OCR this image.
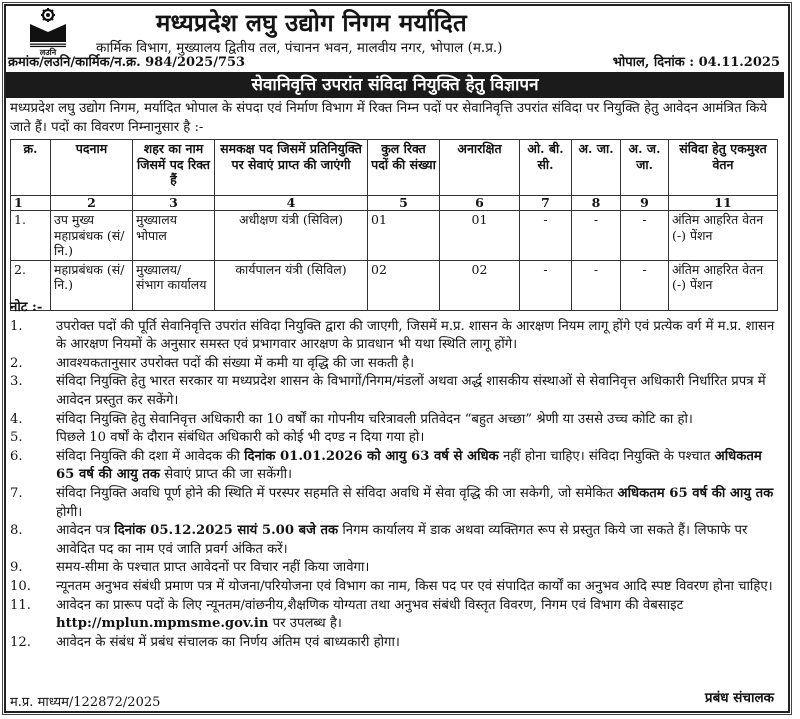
लउनि
मध्यप्रदेश लघु उद्योग निगम मर्यादित
कार्मिक विभाग, मुख्यालय द्वितीय तल, पंचानन भवन, मालवीय नगर, भोपाल (म.प्र.)
क्रमांक/लउनि/कार्मिक/न.क्र. 984/2025/753	भोपाल, दिनांक : 04.11.2025
सेवानिवृत्ति उपरांत संविदा नियुक्ति हेतु विज्ञापन
मध्यप्रदेश लघु उद्योग निगम, मर्यादित भोपाल के संपदा एवं निर्माण विभाग में रिक्त निम्न पदों पर सेवानिवृत्ति उपरांत संविदा पर नियुक्ति हेतु आवेदन आमंत्रित किये जाते हैं। पदों का विवरण निम्नानुसार है :-
क्र.	पदनाम	शहर का नाम जिसमें पद रिक्त हैं	समकक्ष पद जिसमें प्रतिनियुक्ति पर सेवाएं प्राप्त की जाएंगी	कुल रिक्त पदों की संख्या	अनारक्षित	ओ. बी. सी.	अ. जा.	अ. ज. जा.	संविदा हेतु एकमुश्त वेतन
1	2	3	4	5	6	7	8	9	11
1.	उप मुख्य महाप्रबंधक (सं/नि.)	मुख्यालय भोपाल	अधीक्षण यंत्री (सिविल)	01	01	-	-	-	अंतिम आहरित वेतन (-) पेंशन
2.	महाप्रबंधक (सं/नि.)	मुख्यालय/ संभाग कार्यालय	कार्यपालन यंत्री (सिविल)	02	02	-	-	-	अंतिम आहरित वेतन (-) पेंशन
नोट :-
1.	उपरोक्त पदों की पूर्ति सेवानिवृत्ति उपरांत संविदा नियुक्ति द्वारा की जाएगी, जिसमें म.प्र. शासन के आरक्षण नियम लागू होंगे एवं प्रत्येक वर्ग में म.प्र. शासन के आरक्षण नियमों के अनुसार समस्त एवं प्रभागवार आरक्षण के प्रावधान भी यथा स्थिति लागू होंगे।
2.	आवश्यकतानुसार उपरोक्त पदों की संख्या में कमी या वृद्धि की जा सकती है।
3.	संविदा नियुक्ति हेतु भारत सरकार या मध्यप्रदेश शासन के विभागों/निगम/मंडलों अथवा अर्द्ध शासकीय संस्थाओं से सेवानिवृत्त अधिकारी निर्धारित प्रपत्र में आवेदन प्रस्तुत कर सकेंगे।
4.	संविदा नियुक्ति हेतु सेवानिवृत्त अधिकारी का 10 वर्षों का गोपनीय चरित्रावली प्रतिवेदन “बहुत अच्छा” श्रेणी या उससे उच्च कोटि का हो।
5.	पिछले 10 वर्षों के दौरान संबंधित अधिकारी को कोई भी दण्ड न दिया गया हो।
6.	संविदा नियुक्ति की दशा में आवेदक की दिनांक 01.01.2026 को आयु 63 वर्ष से अधिक नहीं होना चाहिए। संविदा नियुक्ति के पश्चात अधिकतम 65 वर्ष की आयु तक सेवाएं प्राप्त की जा सकेंगी।
7.	संविदा नियुक्ति अवधि पूर्ण होने की स्थिति में परस्पर सहमति से संविदा अवधि में सेवा वृद्धि की जा सकेगी, जो समेकित अधिकतम 65 वर्ष की आयु तक होगी।
8.	आवेदन पत्र दिनांक 05.12.2025 सायं 5.00 बजे तक निगम कार्यालय में डाक अथवा व्यक्तिगत रूप से प्रस्तुत किये जा सकते हैं। लिफाफे पर आवेदित पद का नाम एवं जाति प्रवर्ग अंकित करें।
9.	समय-सीमा के पश्चात प्राप्त आवेदनों पर विचार नहीं किया जावेगा।
10.	न्यूनतम अनुभव संबंधी प्रमाण पत्र में योजना/परियोजना एवं विभाग का नाम, किस पद पर एवं संपादित कार्यों का अनुभव आदि स्पष्ट विवरण होना चाहिए।
11.	आवेदन का प्रारूप पदों के लिए न्यूनतम/वांछनीय,शैक्षणिक योग्यता तथा अनुभव संबंधी विस्तृत विवरण, निगम एवं विभाग की वेबसाइट http://mplun.mpmsme.gov.in पर उपलब्ध है।
12.	आवेदन के संबंध में प्रबंध संचालक का निर्णय अंतिम एवं बाध्यकारी होगा।
म.प्र. माध्यम/122872/2025	प्रबंध संचालक
